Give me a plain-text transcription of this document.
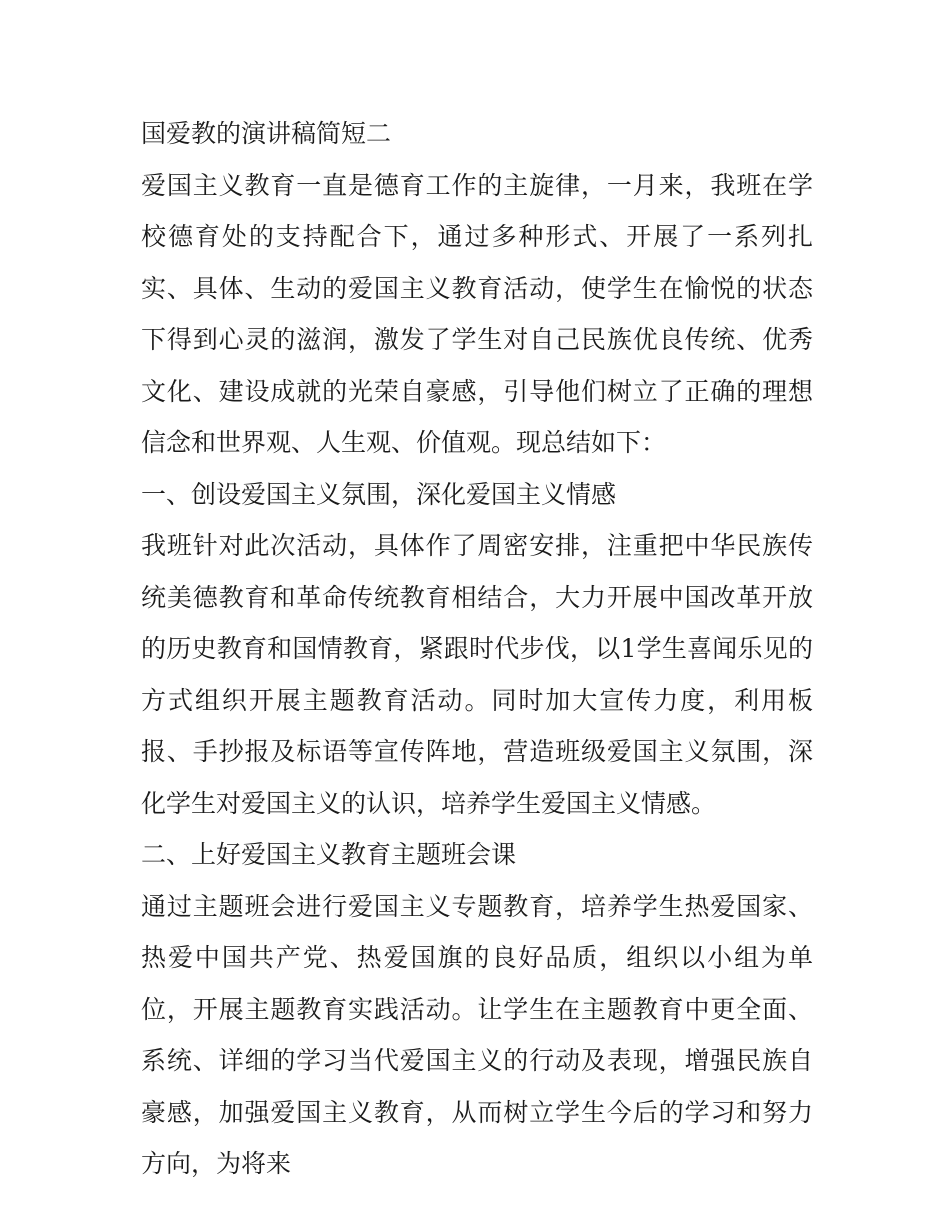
国爱教的演讲稿简短二

爱国主义教育一直是德育工作的主旋律，一月来，我班在学校德育处的支持配合下，通过多种形式、开展了一系列扎实、具体、生动的爱国主义教育活动，使学生在愉悦的状态下得到心灵的滋润，激发了学生对自己民族优良传统、优秀文化、建设成就的光荣自豪感，引导他们树立了正确的理想信念和世界观、人生观、价值观。现总结如下：

一、创设爱国主义氛围，深化爱国主义情感

我班针对此次活动，具体作了周密安排，注重把中华民族传统美德教育和革命传统教育相结合，大力开展中国改革开放的历史教育和国情教育，紧跟时代步伐，以1学生喜闻乐见的方式组织开展主题教育活动。同时加大宣传力度，利用板报、手抄报及标语等宣传阵地，营造班级爱国主义氛围，深化学生对爱国主义的认识，培养学生爱国主义情感。

二、上好爱国主义教育主题班会课

通过主题班会进行爱国主义专题教育，培养学生热爱国家、热爱中国共产党、热爱国旗的良好品质，组织以小组为单位，开展主题教育实践活动。让学生在主题教育中更全面、系统、详细的学习当代爱国主义的行动及表现，增强民族自豪感，加强爱国主义教育，从而树立学生今后的学习和努力方向，为将来
